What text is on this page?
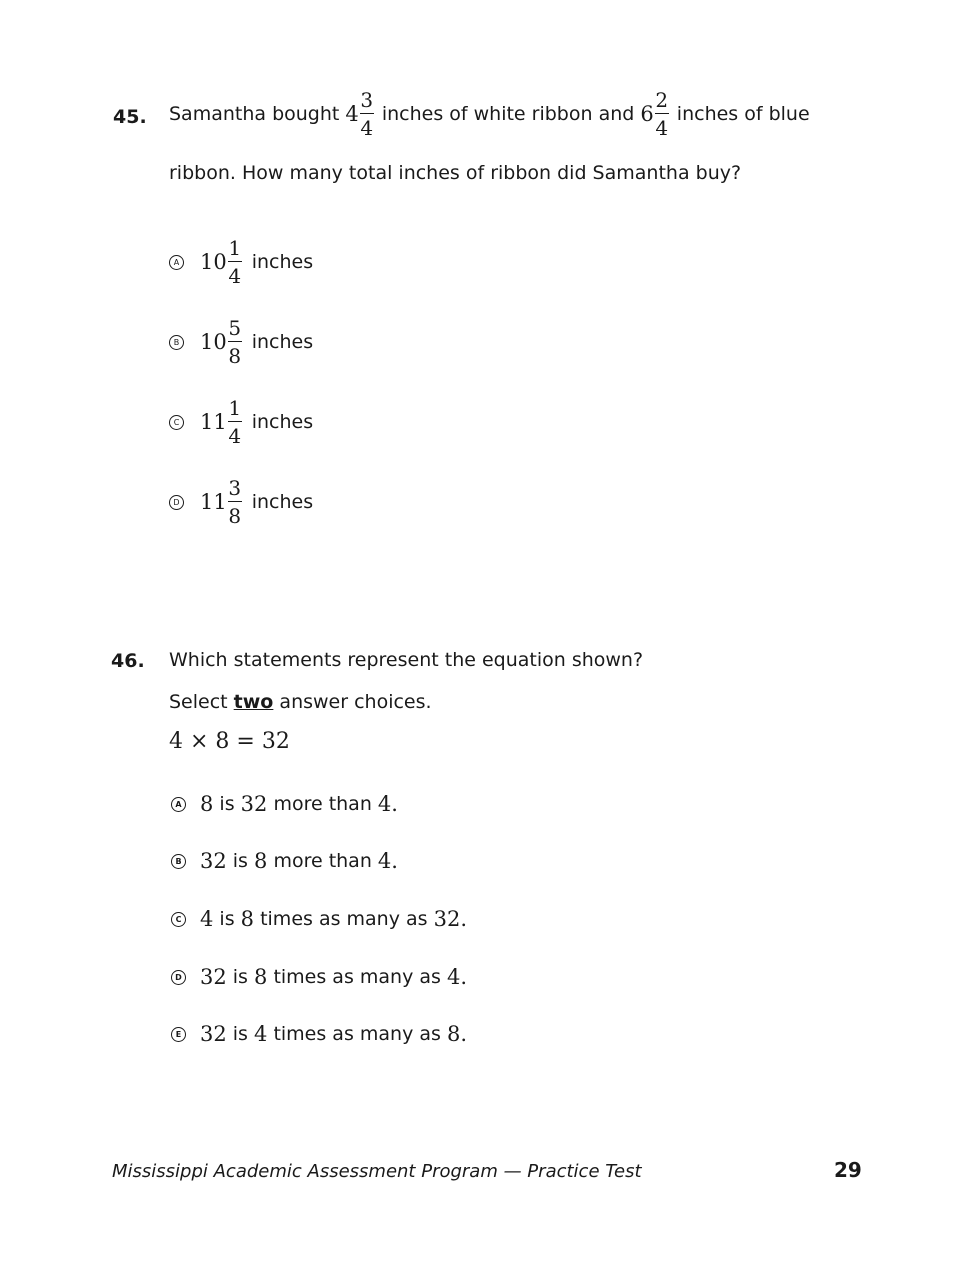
45. Samantha bought
$4 \frac{3}{4}$
inches of white ribbon and
$6 \frac{2}{4}$
inches of blue
ribbon. How many total inches of ribbon did Samantha buy?
A $10 \frac{1}{4}$ inches
B $10 \frac{5}{8}$ inches
C $11 \frac{1}{4}$ inches
D $11 \frac{3}{8}$ inches
46. Which statements represent the equation shown?
Select two answer choices.
4 × 8 = 32
A 8
is
32
more than
4 .
B 32
is
8
more than
4 .
C 4
is
8
times as many as
32 .
D 32
is
8
times as many as
4 .
E 32
is
4
times as many as
8 .
Mississippi Academic Assessment Program — Practice Test	29
